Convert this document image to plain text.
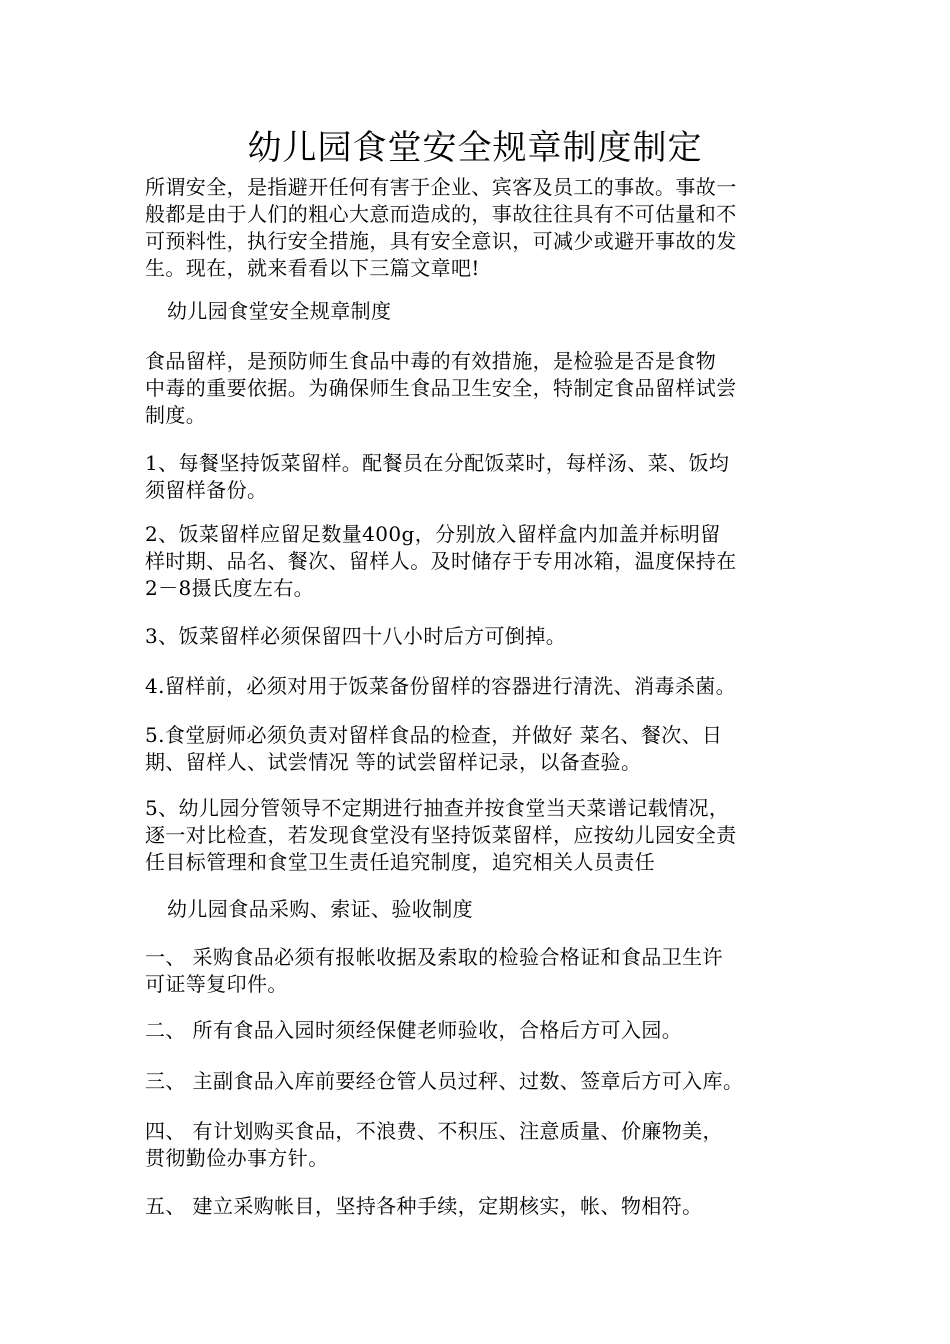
幼儿园食堂安全规章制度制定
所谓安全，是指避开任何有害于企业、宾客及员工的事故。事故一
般都是由于人们的粗心大意而造成的，事故往往具有不可估量和不
可预料性，执行安全措施，具有安全意识，可减少或避开事故的发
生。现在，就来看看以下三篇文章吧!
幼儿园食堂安全规章制度
食品留样，是预防师生食品中毒的有效措施，是检验是否是食物
中毒的重要依据。为确保师生食品卫生安全，特制定食品留样试尝
制度。
1、每餐坚持饭菜留样。配餐员在分配饭菜时，每样汤、菜、饭均
须留样备份。
2、饭菜留样应留足数量400g，分别放入留样盒内加盖并标明留
样时期、品名、餐次、留样人。及时储存于专用冰箱，温度保持在
2－8摄氏度左右。
3、饭菜留样必须保留四十八小时后方可倒掉。
4.留样前，必须对用于饭菜备份留样的容器进行清洗、消毒杀菌。
5.食堂厨师必须负责对留样食品的检查，并做好 菜名、餐次、日
期、留样人、试尝情况 等的试尝留样记录，以备查验。
5、幼儿园分管领导不定期进行抽查并按食堂当天菜谱记载情况，
逐一对比检查，若发现食堂没有坚持饭菜留样，应按幼儿园安全责
任目标管理和食堂卫生责任追究制度，追究相关人员责任
幼儿园食品采购、索证、验收制度
一、 采购食品必须有报帐收据及索取的检验合格证和食品卫生许
可证等复印件。
二、 所有食品入园时须经保健老师验收，合格后方可入园。
三、 主副食品入库前要经仓管人员过秤、过数、签章后方可入库。
四、 有计划购买食品，不浪费、不积压、注意质量、价廉物美，
贯彻勤俭办事方针。
五、 建立采购帐目，坚持各种手续，定期核实，帐、物相符。
